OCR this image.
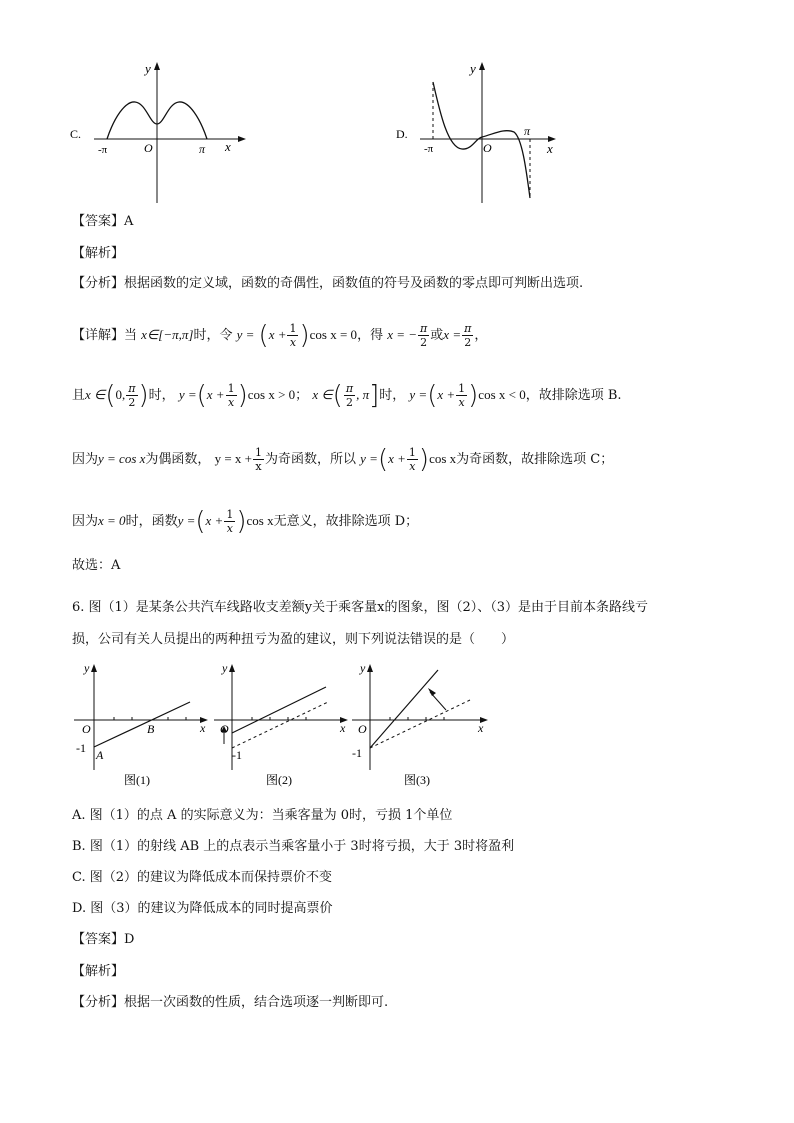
C.
y
x
O
-π	π
D.
y
x
O
-π
π
【答案】A
【解析】
【分析】根据函数的定义域，函数的奇偶性，函数值的符号及函数的零点即可判断出选项.
【详解】当 x∈[−π,π]时，令 $y = (x + \frac{1}{x} )\cos$ x = 0，得 x = − $\frac{\pi}{2}$ 或$x = \frac{\pi}{2}$ ，
且x ∈(0, $\frac{\pi}{2}$ )时， $y =(x + \frac{1}{x} )\cos$ x > 0； x ∈( $\frac{\pi}{2}$ , π]时， $y =(x + \frac{1}{x} )\cos$ x < 0，故排除选项 B.
因为y = cos x为偶函数， $y = x + \frac{1}{x}$ 为奇函数，所以 $y =(x + \frac{1}{x} )\cos$ x为奇函数，故排除选项 C；
因为x = 0时，函数$y =(x + \frac{1}{x} )\cos$ x无意义，故排除选项 D；
故选：A
6. 图（1）是某条公共汽车线路收支差额y关于乘客量x的图象，图（2）、（3）是由于目前本条路线亏
损，公司有关人员提出的两种扭亏为盈的建议，则下列说法错误的是（　　）
y
x
O
-1 A
B
图(1)
y
x
O
-1
图(2)
y
x
O
-1
图(3)
A. 图（1）的点 A 的实际意义为：当乘客量为 0时，亏损 1个单位
B. 图（1）的射线 AB 上的点表示当乘客量小于 3时将亏损，大于 3时将盈利
C. 图（2）的建议为降低成本而保持票价不变
D. 图（3）的建议为降低成本的同时提高票价
【答案】D
【解析】
【分析】根据一次函数的性质，结合选项逐一判断即可.
